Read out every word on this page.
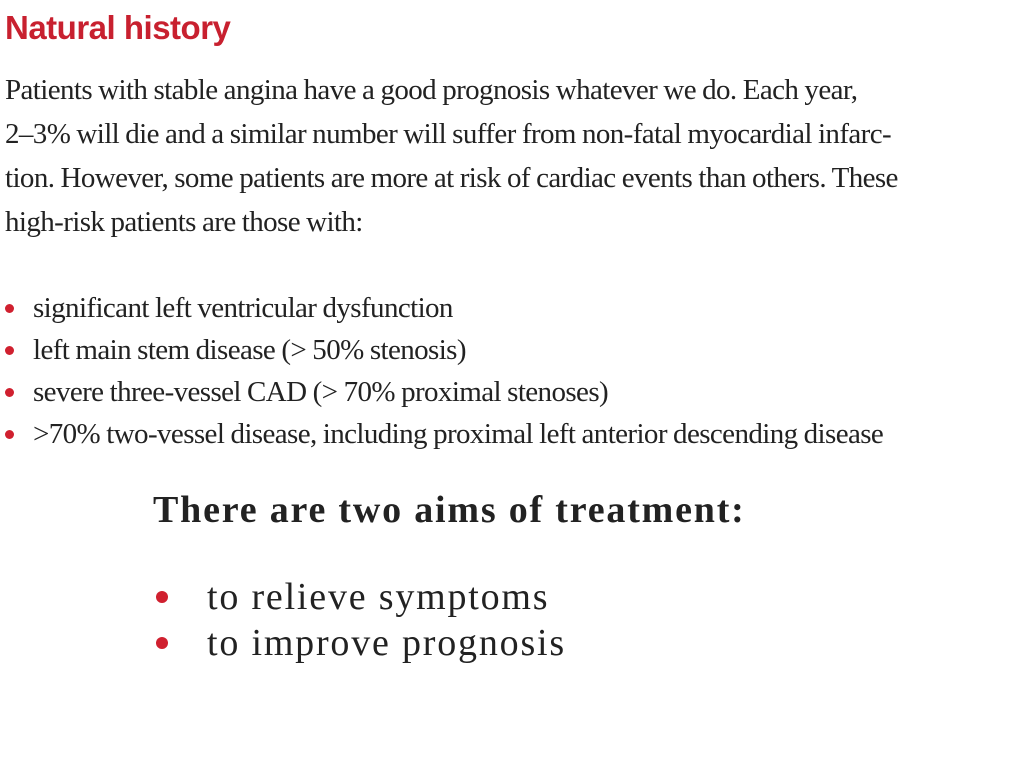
Natural history

Patients with stable angina have a good prognosis whatever we do. Each year,
2–3% will die and a similar number will suffer from non-fatal myocardial infarc-
tion. However, some patients are more at risk of cardiac events than others. These
high-risk patients are those with:

significant left ventricular dysfunction
left main stem disease (> 50% stenosis)
severe three-vessel CAD (> 70% proximal stenoses)
>70% two-vessel disease, including proximal left anterior descending disease
There are two aims of treatment:
to relieve symptoms
to improve prognosis
